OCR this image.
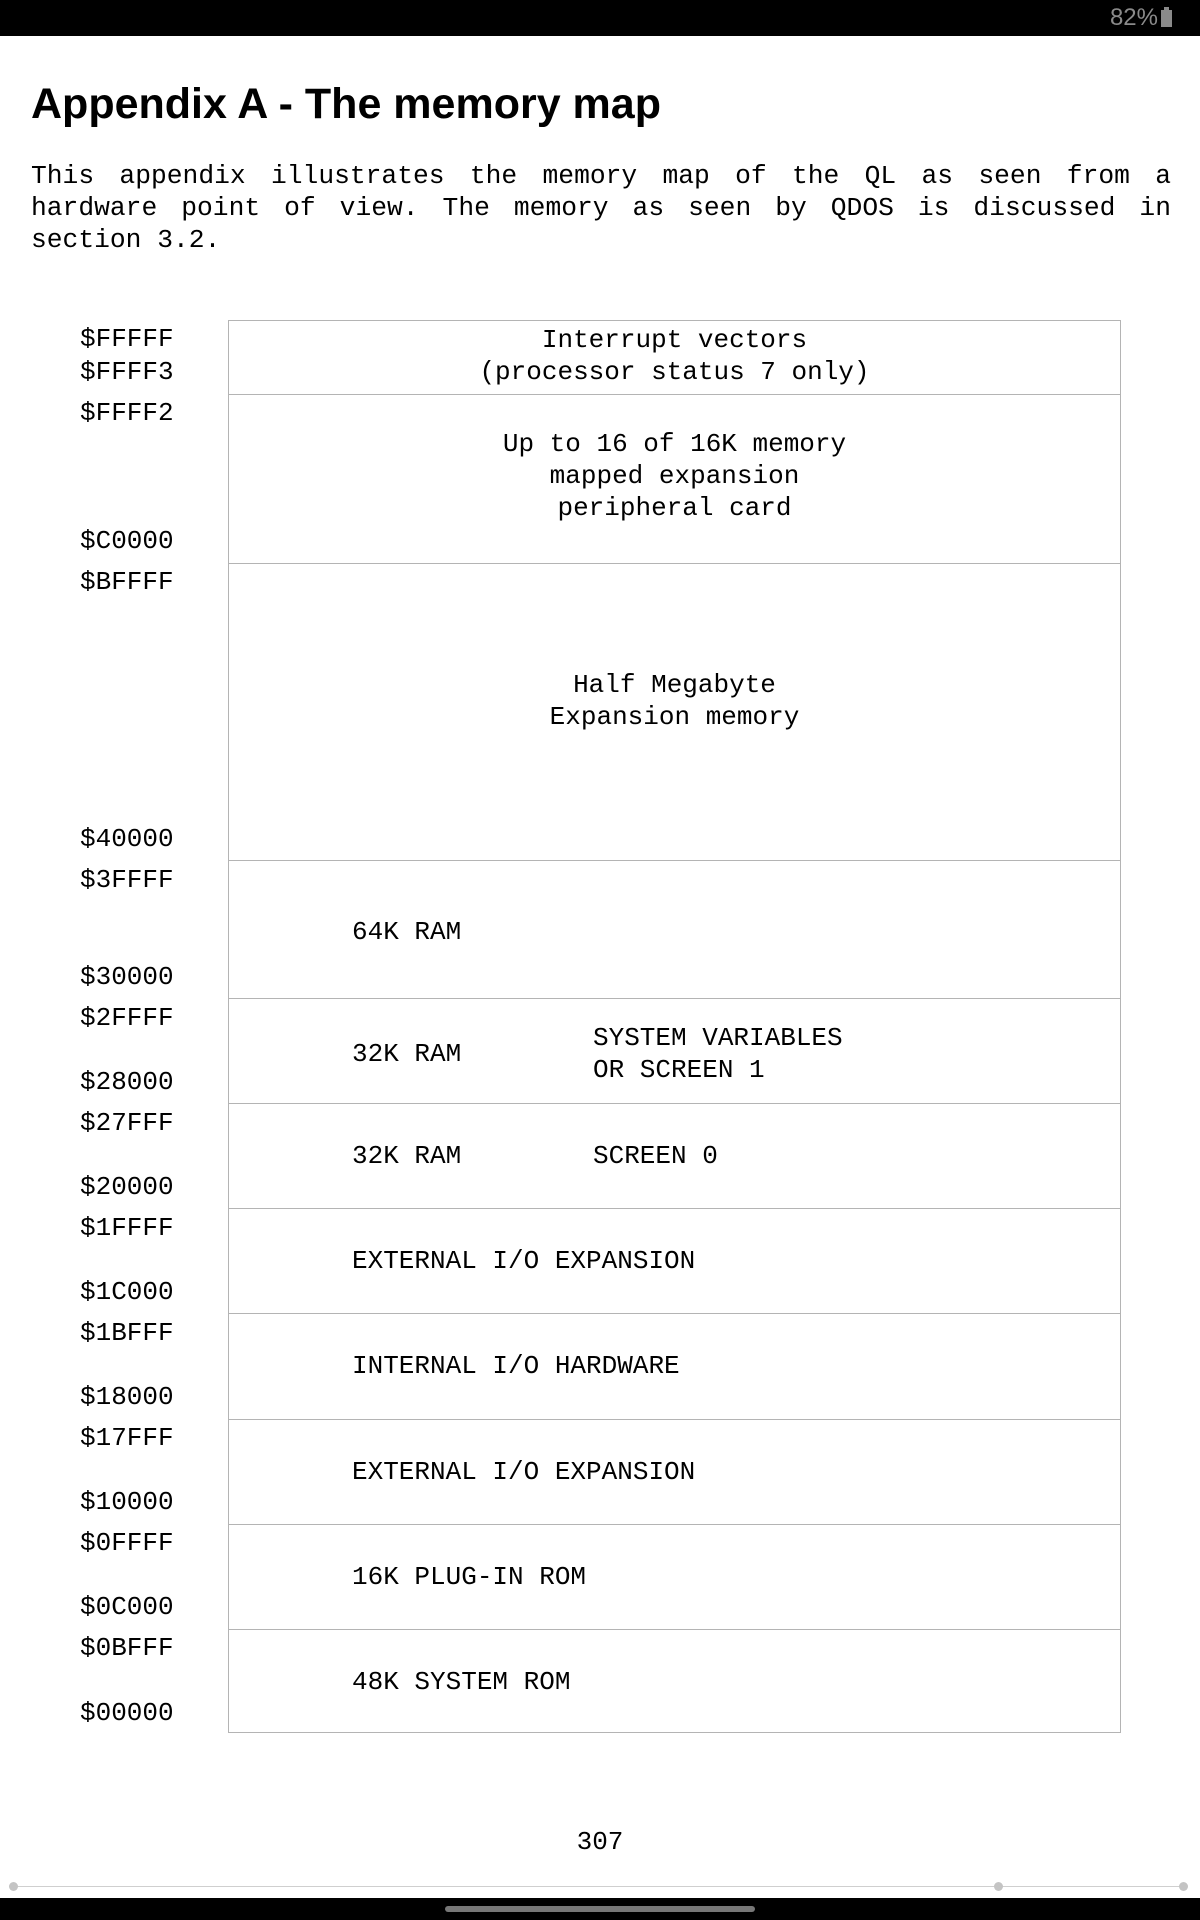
82%
Appendix A - The memory map

This appendix illustrates the memory map of the QL as seen from a hardware point of view. The memory as seen by QDOS is discussed in section 3.2.

$FFFFF
$FFFF3
$FFFF2
$C0000
$BFFFF
$40000
$3FFFF
$30000
$2FFFF
$28000
$27FFF
$20000
$1FFFF
$1C000
$1BFFF
$18000
$17FFF
$10000
$0FFFF
$0C000
$0BFFF
$00000
Interrupt vectors
(processor status 7 only)
Up to 16 of 16K memory
mapped expansion
peripheral card
Half Megabyte
Expansion memory
64K RAM
32K RAM
SYSTEM VARIABLES
OR SCREEN 1
32K RAM	SCREEN 0
EXTERNAL I/O EXPANSION
INTERNAL I/O HARDWARE
EXTERNAL I/O EXPANSION
16K PLUG-IN ROM
48K SYSTEM ROM
307
